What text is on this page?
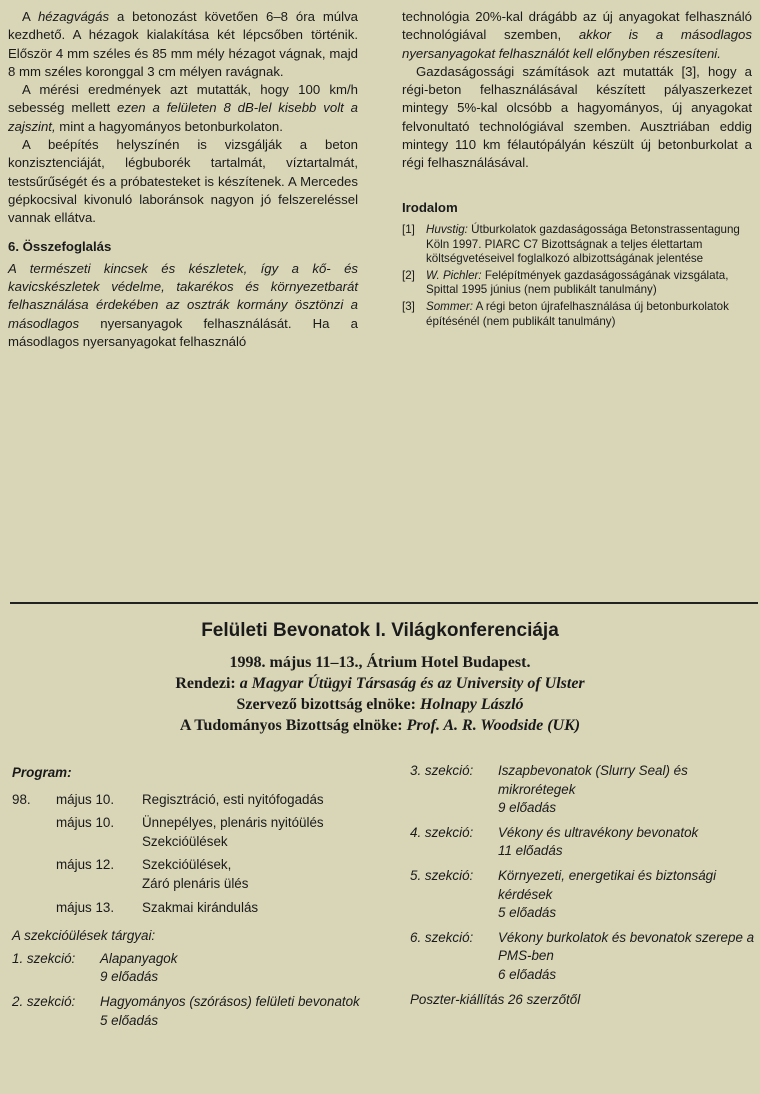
A hézagvágás a betonozást követően 6–8 óra múlva kezdhető. A hézagok kialakítása két lépcsőben történik. Először 4 mm széles és 85 mm mély hézagot vágnak, majd 8 mm széles koronggal 3 cm mélyen ravágnak.

A mérési eredmények azt mutatták, hogy 100 km/h sebesség mellett ezen a felületen 8 dB-lel kisebb volt a zajszint, mint a hagyományos betonburkolaton.

A beépítés helyszínén is vizsgálják a beton konzisztenciáját, légbuborék tartalmát, víztartalmát, testsűrűségét és a próbatesteket is készítenek. A Mercedes gépkocsival kivonuló laboránsok nagyon jó felszereléssel vannak ellátva.

6. Összefoglalás

A természeti kincsek és készletek, így a kő- és kavicskészletek védelme, takarékos és környezetbarát felhasználása érdekében az osztrák kormány ösztönzi a másodlagos nyersanyagok felhasználását. Ha a másodlagos nyersanyagokat felhasználó

technológia 20%-kal drágább az új anyagokat felhasználó technológiával szemben, akkor is a másodlagos nyersanyagokat felhasználót kell előnyben részesíteni.

Gazdaságossági számítások azt mutatták [3], hogy a régi-beton felhasználásával készített pályaszerkezet mintegy 5%-kal olcsóbb a hagyományos, új anyagokat felvonultató technológiával szemben. Ausztriában eddig mintegy 110 km félautópályán készült új betonburkolat a régi felhasználásával.

Irodalom

[1] Huvstig: Útburkolatok gazdaságossága Betonstrassentagung Köln 1997. PIARC C7 Bizottságnak a teljes élettartam költségvetéseivel foglalkozó albizottságának jelentése
[2] W. Pichler: Felépítmények gazdaságosságának vizsgálata, Spittal 1995 június (nem publikált tanulmány)
[3] Sommer: A régi beton újrafelhasználása új betonburkolatok építésénél (nem publikált tanulmány)
Felületi Bevonatok I. Világkonferenciája
1998. május 11–13., Átrium Hotel Budapest.
Rendezi: a Magyar Útügyi Társaság és az University of Ulster
Szervező bizottság elnöke: Holnapy László
A Tudományos Bizottság elnöke: Prof. A. R. Woodside (UK)
Program:
98.	május 10.	Regisztráció, esti nyitófogadás
május 10.	Ünnepélyes, plenáris nyitóülés
Szekcióülések
május 12.	Szekcióülések,
Záró plenáris ülés
május 13.	Szakmai kirándulás
A szekcióülések tárgyai:
1. szekció:	Alapanyagok
9 előadás
2. szekció:	Hagyományos (szórásos) felületi bevonatok
5 előadás
3. szekció:	Iszapbevonatok (Slurry Seal) és mikrorétegek
9 előadás
4. szekció:	Vékony és ultravékony bevonatok
11 előadás
5. szekció:	Környezeti, energetikai és biztonsági kérdések
5 előadás
6. szekció:	Vékony burkolatok és bevonatok szerepe a PMS-ben
6 előadás
Poszter-kiállítás 26 szerzőtől
